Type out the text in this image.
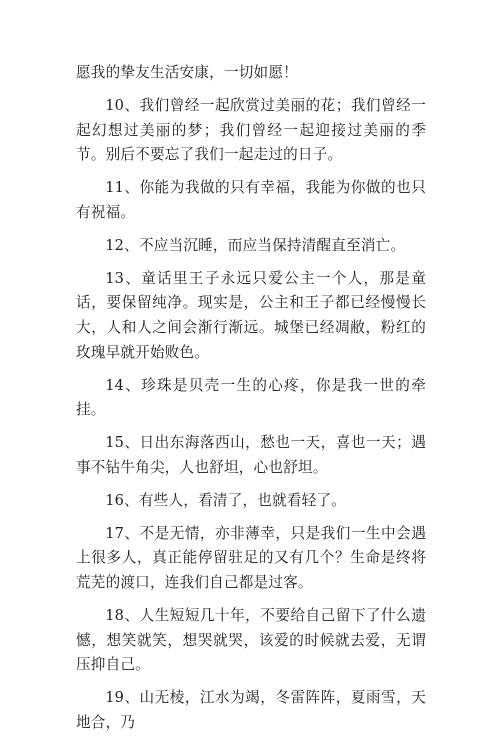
愿我的挚友生活安康，一切如愿！

10、我们曾经一起欣赏过美丽的花；我们曾经一起幻想过美丽的梦；我们曾经一起迎接过美丽的季节。别后不要忘了我们一起走过的日子。

11、你能为我做的只有幸福，我能为你做的也只有祝福。

12、不应当沉睡，而应当保持清醒直至消亡。

13、童话里王子永远只爱公主一个人，那是童话，要保留纯净。现实是，公主和王子都已经慢慢长大，人和人之间会渐行渐远。城堡已经凋敝，粉红的玫瑰早就开始败色。

14、珍珠是贝壳一生的心疼，你是我一世的牵挂。

15、日出东海落西山，愁也一天，喜也一天；遇事不钻牛角尖，人也舒坦，心也舒坦。

16、有些人，看清了，也就看轻了。

17、不是无情，亦非薄幸，只是我们一生中会遇上很多人，真正能停留驻足的又有几个？生命是终将荒芜的渡口，连我们自己都是过客。

18、人生短短几十年，不要给自己留下了什么遗憾，想笑就笑，想哭就哭，该爱的时候就去爱，无谓压抑自己。

19、山无棱，江水为竭，冬雷阵阵，夏雨雪，天地合，乃
